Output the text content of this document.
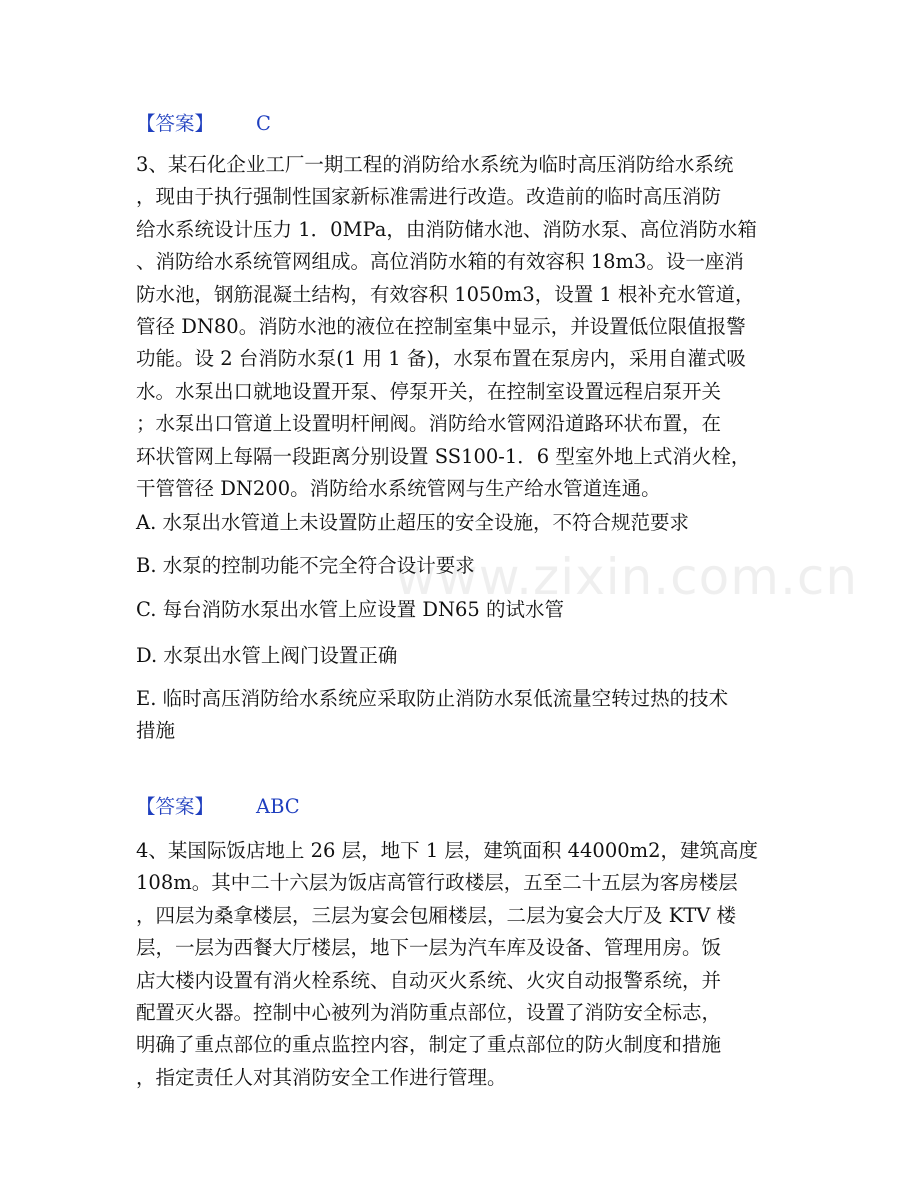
www.zixin.com.cn
【答案】 C
3、某石化企业工厂一期工程的消防给水系统为临时高压消防给水系统
，现由于执行强制性国家新标准需进行改造。改造前的临时高压消防
给水系统设计压力 1．0MPa，由消防储水池、消防水泵、高位消防水箱
、消防给水系统管网组成。高位消防水箱的有效容积 18m3。设一座消
防水池，钢筋混凝土结构，有效容积 1050m3，设置 1 根补充水管道，
管径 DN80。消防水池的液位在控制室集中显示，并设置低位限值报警
功能。设 2 台消防水泵(1 用 1 备)，水泵布置在泵房内，采用自灌式吸
水。水泵出口就地设置开泵、停泵开关，在控制室设置远程启泵开关
；水泵出口管道上设置明杆闸阀。消防给水管网沿道路环状布置，在
环状管网上每隔一段距离分别设置 SS100-1．6 型室外地上式消火栓，
干管管径 DN200。消防给水系统管网与生产给水管道连通。
A. 水泵出水管道上未设置防止超压的安全设施，不符合规范要求
B. 水泵的控制功能不完全符合设计要求
C. 每台消防水泵出水管上应设置 DN65 的试水管
D. 水泵出水管上阀门设置正确
E. 临时高压消防给水系统应采取防止消防水泵低流量空转过热的技术
措施
【答案】 ABC
4、某国际饭店地上 26 层，地下 1 层，建筑面积 44000m2，建筑高度
108m。其中二十六层为饭店高管行政楼层，五至二十五层为客房楼层
，四层为桑拿楼层，三层为宴会包厢楼层，二层为宴会大厅及 KTV 楼
层，一层为西餐大厅楼层，地下一层为汽车库及设备、管理用房。饭
店大楼内设置有消火栓系统、自动灭火系统、火灾自动报警系统，并
配置灭火器。控制中心被列为消防重点部位，设置了消防安全标志，
明确了重点部位的重点监控内容，制定了重点部位的防火制度和措施
，指定责任人对其消防安全工作进行管理。
